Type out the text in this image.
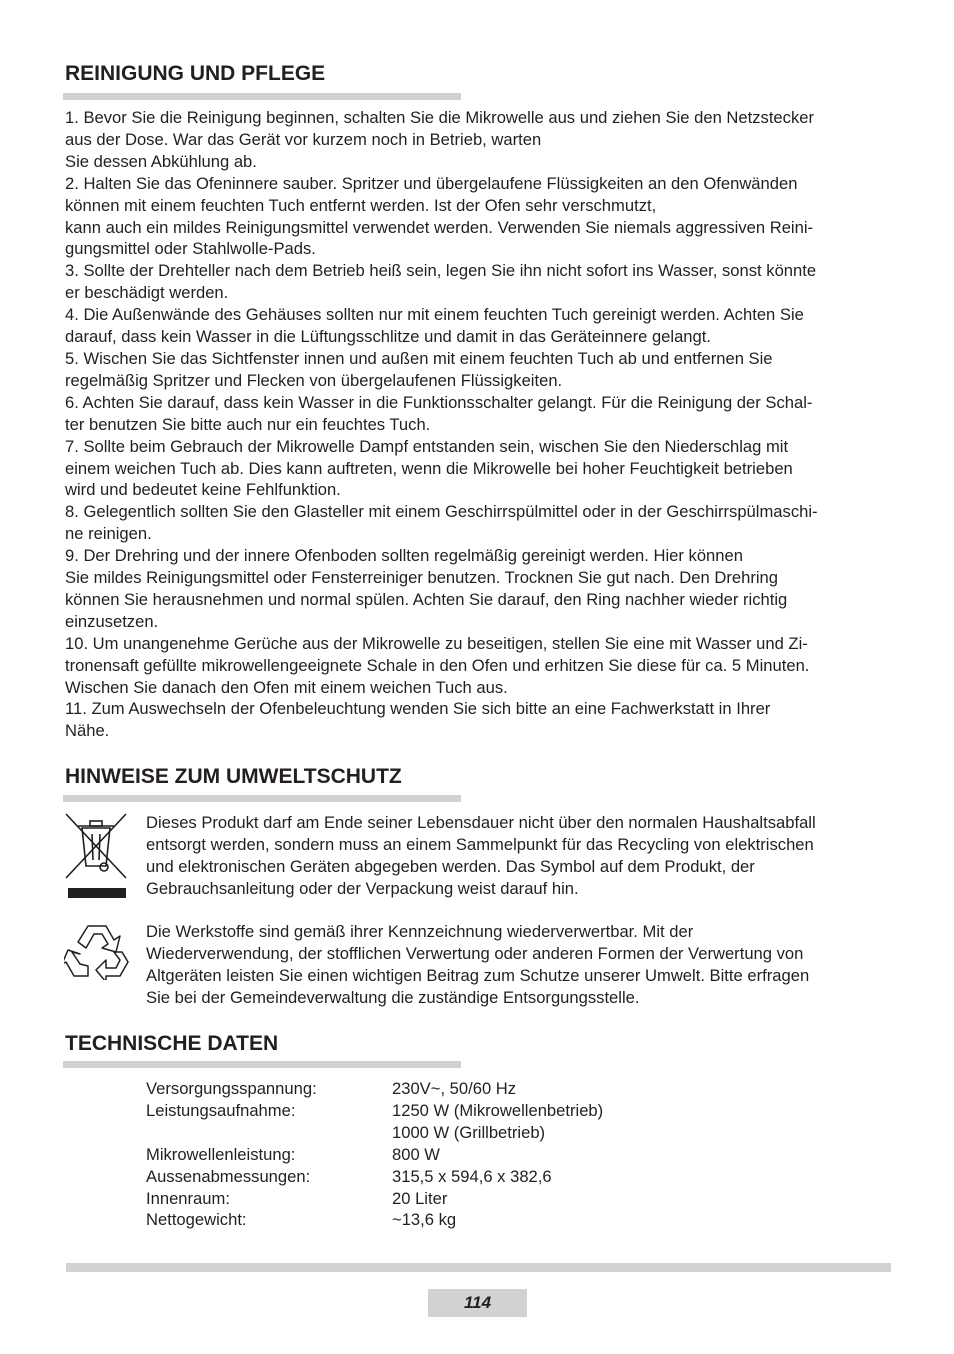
REINIGUNG UND PFLEGE
1. Bevor Sie die Reinigung beginnen, schalten Sie die Mikrowelle aus und ziehen Sie den Netzstecker
aus der Dose. War das Gerät vor kurzem noch in Betrieb, warten
Sie dessen Abkühlung ab.
2. Halten Sie das Ofeninnere sauber. Spritzer und übergelaufene Flüssigkeiten an den Ofenwänden
können mit einem feuchten Tuch entfernt werden. Ist der Ofen sehr verschmutzt,
kann auch ein mildes Reinigungsmittel verwendet werden. Verwenden Sie niemals aggressiven Reini-
gungsmittel oder Stahlwolle-Pads.
3. Sollte der Drehteller nach dem Betrieb heiß sein, legen Sie ihn nicht sofort ins Wasser, sonst könnte
er beschädigt werden.
4. Die Außenwände des Gehäuses sollten nur mit einem feuchten Tuch gereinigt werden. Achten Sie
darauf, dass kein Wasser in die Lüftungsschlitze und damit in das Geräteinnere gelangt.
5. Wischen Sie das Sichtfenster innen und außen mit einem feuchten Tuch ab und entfernen Sie
regelmäßig Spritzer und Flecken von übergelaufenen Flüssigkeiten.
6. Achten Sie darauf, dass kein Wasser in die Funktionsschalter gelangt. Für die Reinigung der Schal-
ter benutzen Sie bitte auch nur ein feuchtes Tuch.
7. Sollte beim Gebrauch der Mikrowelle Dampf entstanden sein, wischen Sie den Niederschlag mit
einem weichen Tuch ab. Dies kann auftreten, wenn die Mikrowelle bei hoher Feuchtigkeit betrieben
wird und bedeutet keine Fehlfunktion.
8. Gelegentlich sollten Sie den Glasteller mit einem Geschirrspülmittel oder in der Geschirrspülmaschi-
ne reinigen.
9. Der Drehring und der innere Ofenboden sollten regelmäßig gereinigt werden. Hier können
Sie mildes Reinigungsmittel oder Fensterreiniger benutzen. Trocknen Sie gut nach. Den Drehring
können Sie herausnehmen und normal spülen. Achten Sie darauf, den Ring nachher wieder richtig
einzusetzen.
10. Um unangenehme Gerüche aus der Mikrowelle zu beseitigen, stellen Sie eine mit Wasser und Zi-
tronensaft gefüllte mikrowellengeeignete Schale in den Ofen und erhitzen Sie diese für ca. 5 Minuten.
Wischen Sie danach den Ofen mit einem weichen Tuch aus.
11. Zum Auswechseln der Ofenbeleuchtung wenden Sie sich bitte an eine Fachwerkstatt in Ihrer
Nähe.
HINWEISE ZUM UMWELTSCHUTZ
Dieses Produkt darf am Ende seiner Lebensdauer nicht über den normalen Haushaltsabfall
entsorgt werden, sondern muss an einem Sammelpunkt für das Recycling von elektrischen
und elektronischen Geräten abgegeben werden. Das Symbol auf dem Produkt, der
Gebrauchsanleitung oder der Verpackung weist darauf hin.
Die Werkstoffe sind gemäß ihrer Kennzeichnung wiederverwertbar. Mit der
Wiederverwendung, der stofflichen Verwertung oder anderen Formen der Verwertung von
Altgeräten leisten Sie einen wichtigen Beitrag zum Schutze unserer Umwelt. Bitte erfragen
Sie bei der Gemeindeverwaltung die zuständige Entsorgungsstelle.
TECHNISCHE DATEN
Versorgungsspannung:	230V~, 50/60 Hz
Leistungsaufnahme:	1250 W (Mikrowellenbetrieb)
	1000 W (Grillbetrieb)
Mikrowellenleistung:	800 W
Aussenabmessungen:	315,5 x 594,6 x 382,6
Innenraum:	20 Liter
Nettogewicht:	~13,6 kg
114
